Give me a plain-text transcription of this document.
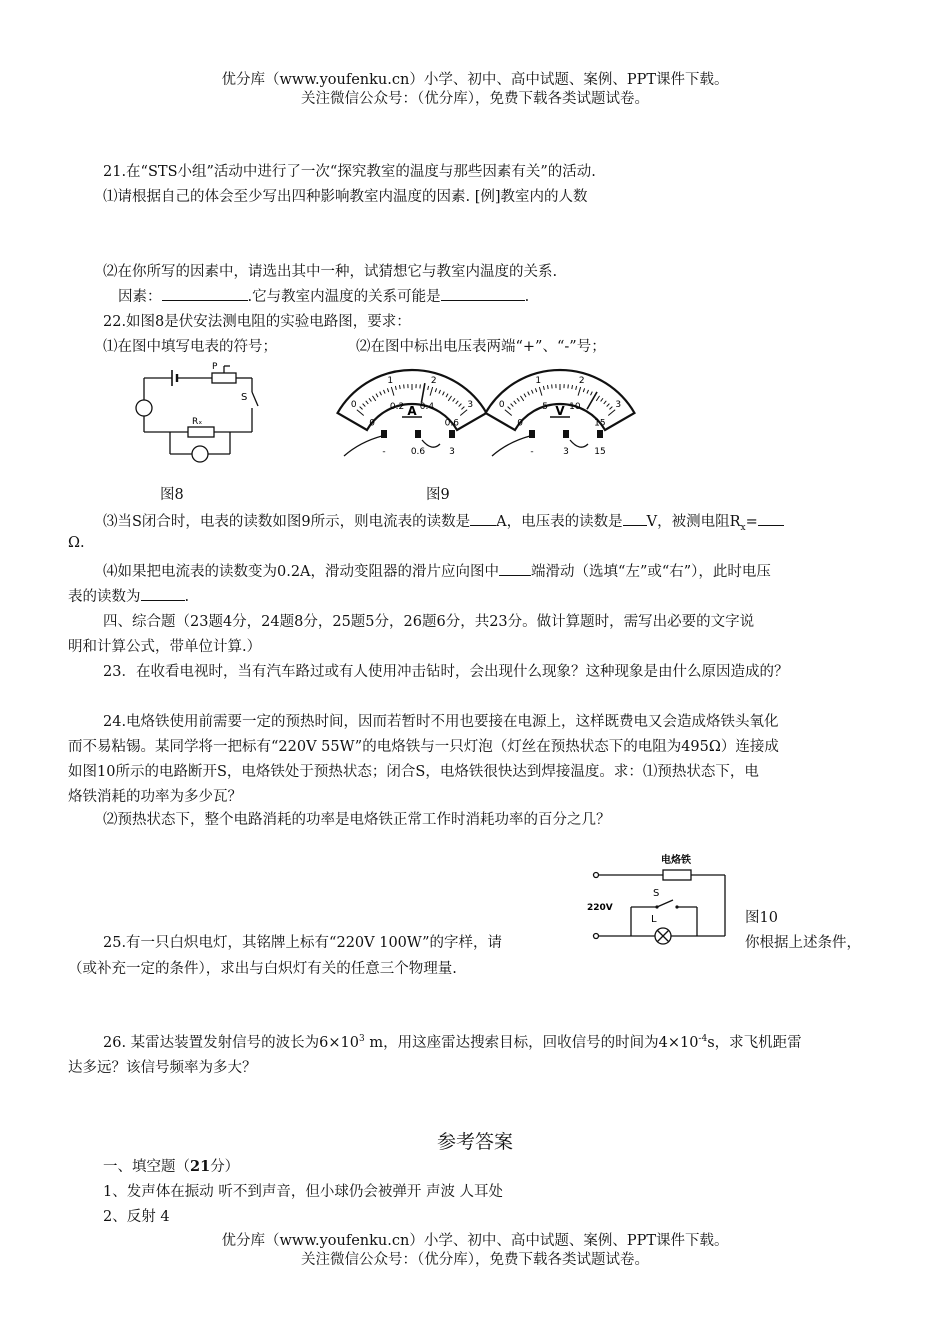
优分库（www.youfenku.cn）小学、初中、高中试题、案例、PPT课件下载。
关注微信公众号：（优分库），免费下载各类试题试卷。
21.在“STS小组”活动中进行了一次“探究教室的温度与那些因素有关”的活动.
⑴请根据自己的体会至少写出四种影响教室内温度的因素. [例]教室内的人数
⑵在你所写的因素中，请选出其中一种，试猜想它与教室内温度的关系.
因素：	.它与教室内温度的关系可能是	.
22.如图8是伏安法测电阻的实验电路图，要求：
⑴在图中填写电表的符号；	⑵在图中标出电压表两端“+”、“-”号；
P
S
Rₓ
0
1	2
3
0
0.2 0.4
0.6
A
-	0.6	3
0
1	2
3
0
5 10
15
V
-	3	15
图8	图9
⑶当S闭合时，电表的读数如图9所示，则电流表的读数是 A，电压表的读数是 V，被测电阻$R_x=$
Ω.
⑷如果把电流表的读数变为0.2A，滑动变阻器的滑片应向图中 端滑动（选填“左”或“右”），此时电压
表的读数为	.
四、综合题（23题4分，24题8分，25题5分，26题6分，共23分。做计算题时，需写出必要的文字说
明和计算公式，带单位计算.）
23．在收看电视时，当有汽车路过或有人使用冲击钻时，会出现什么现象？这种现象是由什么原因造成的？
24.电烙铁使用前需要一定的预热时间，因而若暂时不用也要接在电源上，这样既费电又会造成烙铁头氧化
而不易粘锡。某同学将一把标有“220V 55W”的电烙铁与一只灯泡（灯丝在预热状态下的电阻为495Ω）连接成
如图10所示的电路断开S，电烙铁处于预热状态；闭合S，电烙铁很快达到焊接温度。求：⑴预热状态下，电
烙铁消耗的功率为多少瓦？
⑵预热状态下，整个电路消耗的功率是电烙铁正常工作时消耗功率的百分之几？
电烙铁
S
L
220V
图10
25.有一只白炽电灯，其铭牌上标有“220V 100W”的字样，请	你根据上述条件，
（或补充一定的条件），求出与白炽灯有关的任意三个物理量.
26. 某雷达装置发射信号的波长为$6\times 10^3$ m，用这座雷达搜索目标，回收信号的时间为$4\times 10^{-4}s$，求飞机距雷
达多远？该信号频率为多大？
参考答案
一、填空题（21分）
1、发声体在振动 听不到声音，但小球仍会被弹开 声波 人耳处
2、反射 4
优分库（www.youfenku.cn）小学、初中、高中试题、案例、PPT课件下载。
关注微信公众号：（优分库），免费下载各类试题试卷。
